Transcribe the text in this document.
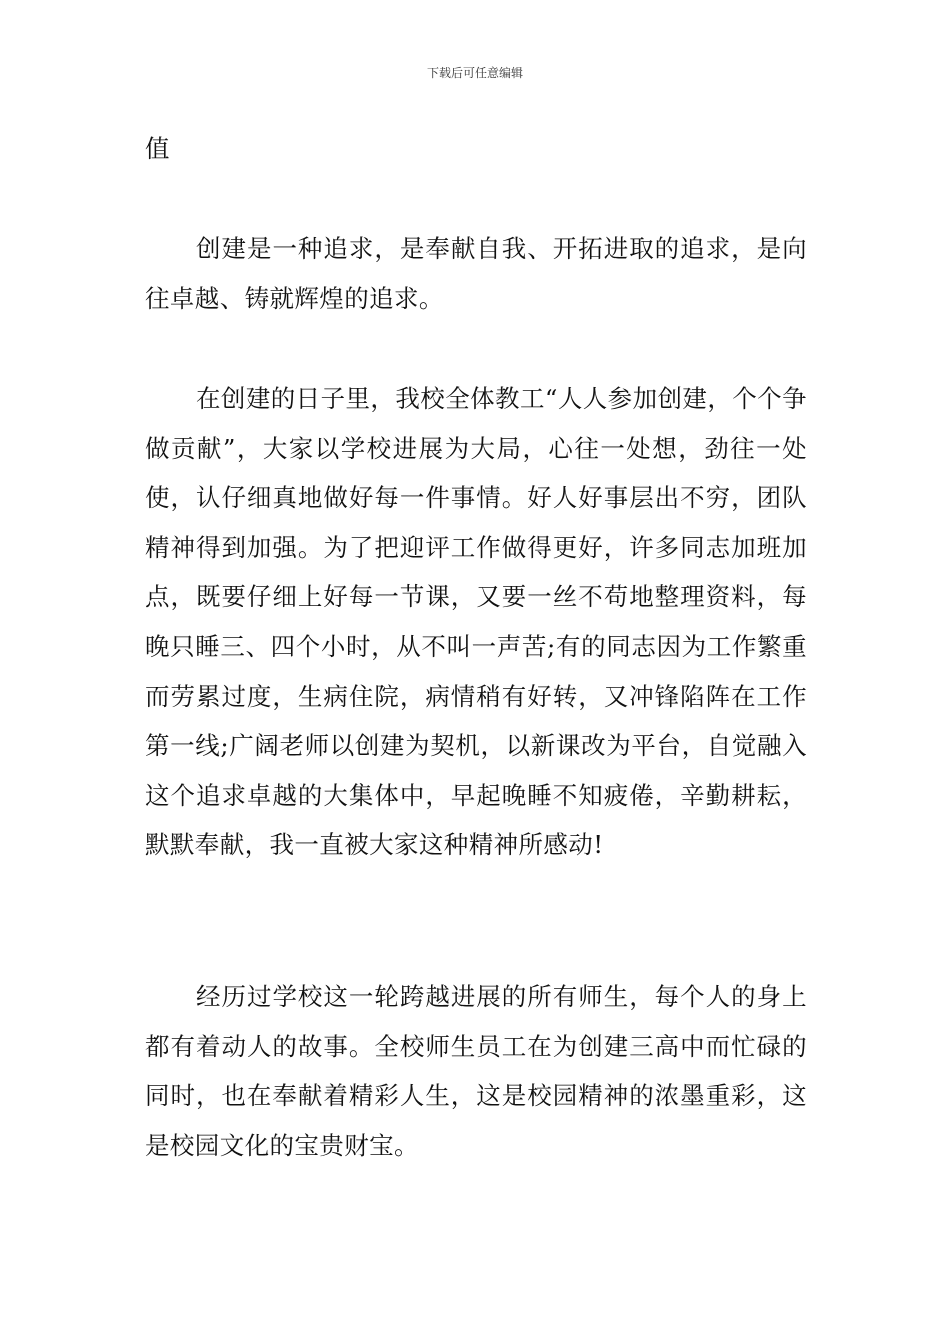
下载后可任意编辑

值

创建是一种追求，是奉献自我、开拓进取的追求，是向往卓越、铸就辉煌的追求。

在创建的日子里，我校全体教工“人人参加创建，个个争做贡献”，大家以学校进展为大局，心往一处想，劲往一处使，认仔细真地做好每一件事情。好人好事层出不穷，团队精神得到加强。为了把迎评工作做得更好，许多同志加班加点，既要仔细上好每一节课，又要一丝不苟地整理资料，每晚只睡三、四个小时，从不叫一声苦;有的同志因为工作繁重而劳累过度，生病住院，病情稍有好转，又冲锋陷阵在工作第一线;广阔老师以创建为契机，以新课改为平台，自觉融入这个追求卓越的大集体中，早起晚睡不知疲倦，辛勤耕耘，默默奉献，我一直被大家这种精神所感动!

经历过学校这一轮跨越进展的所有师生，每个人的身上都有着动人的故事。全校师生员工在为创建三高中而忙碌的同时，也在奉献着精彩人生，这是校园精神的浓墨重彩，这是校园文化的宝贵财宝。
